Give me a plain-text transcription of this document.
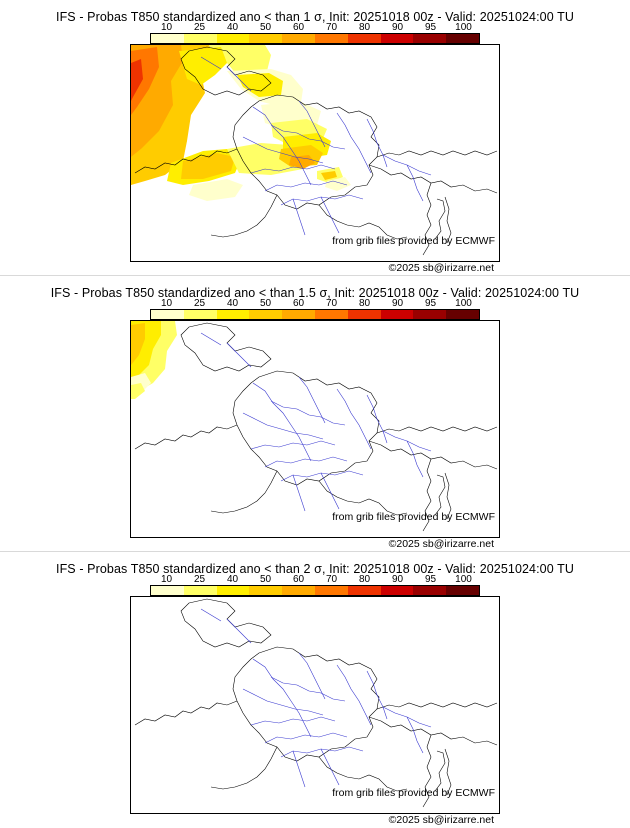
IFS - Probas T850 standardized ano < than 1 σ, Init: 20251018 00z - Valid: 20251024:00 TU
10 25 40 50 60 70 80 90 95 100
from grib files provided by ECMWF
©2025 sb@irizarre.net
IFS - Probas T850 standardized ano < than 1.5 σ, Init: 20251018 00z - Valid: 20251024:00 TU
10 25 40 50 60 70 80 90 95 100
from grib files provided by ECMWF
©2025 sb@irizarre.net
IFS - Probas T850 standardized ano < than 2 σ, Init: 20251018 00z - Valid: 20251024:00 TU
10 25 40 50 60 70 80 90 95 100
from grib files provided by ECMWF
©2025 sb@irizarre.net
